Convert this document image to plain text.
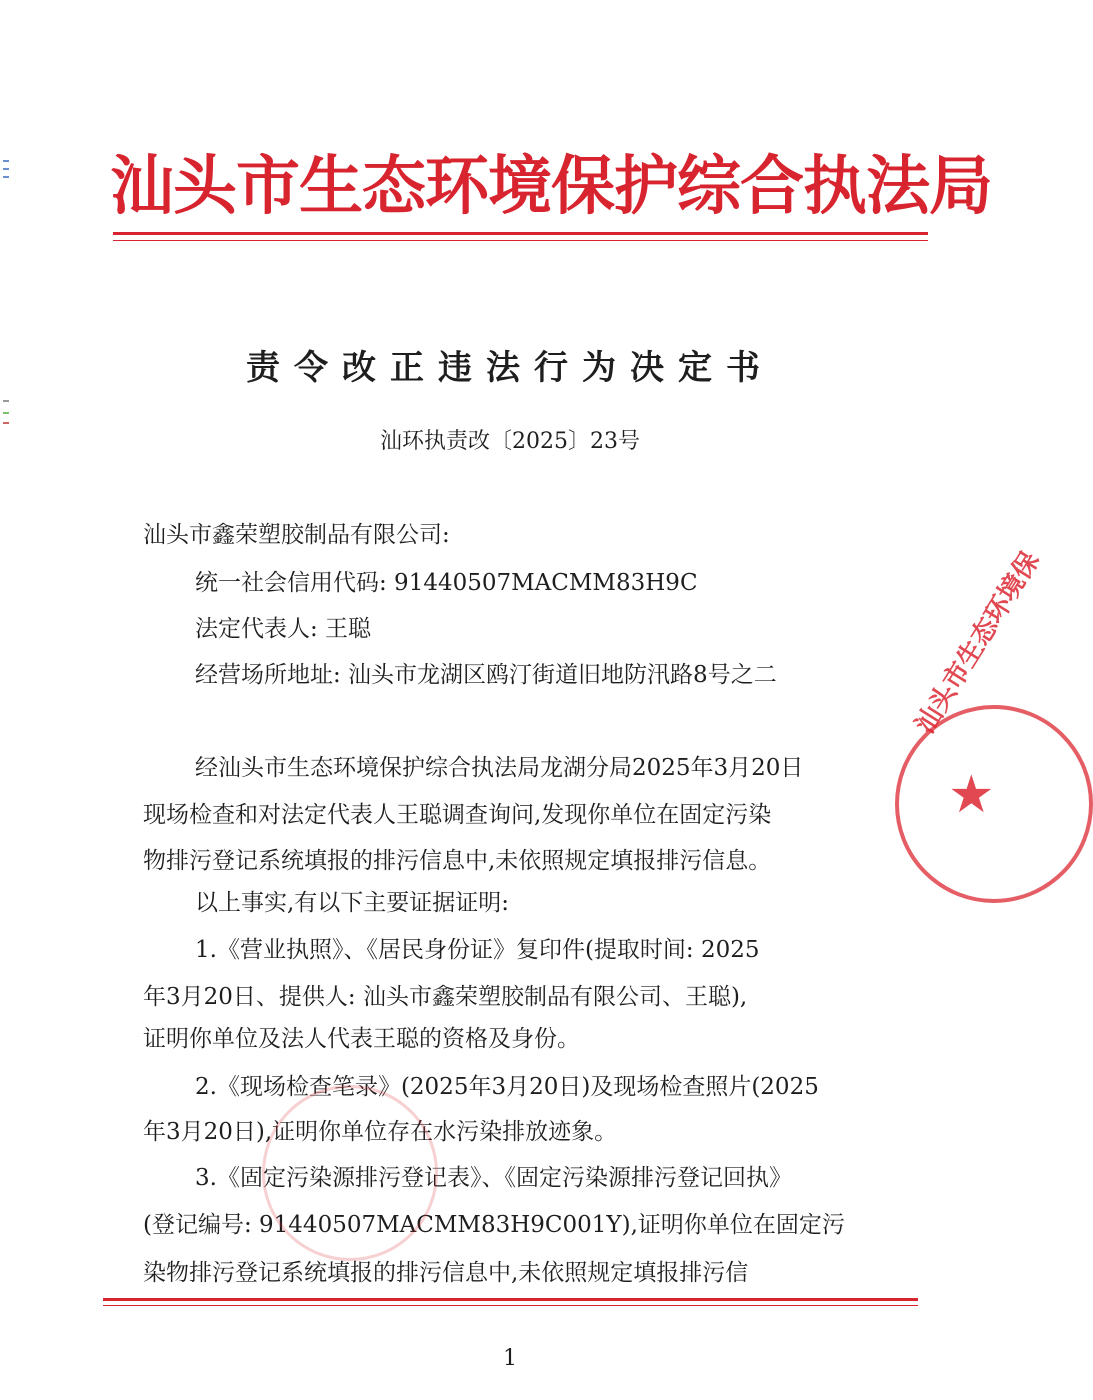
汕头市生态环境保护综合执法局
责令改正违法行为决定书
汕环执责改〔2025〕23号
汕头市鑫荣塑胶制品有限公司:
统一社会信用代码: 91440507MACMM83H9C
法定代表人: 王聪
经营场所地址: 汕头市龙湖区鸥汀街道旧地防汛路8号之二
经汕头市生态环境保护综合执法局龙湖分局2025年3月20日
现场检查和对法定代表人王聪调查询问,发现你单位在固定污染
物排污登记系统填报的排污信息中,未依照规定填报排污信息。
以上事实,有以下主要证据证明:
1.《营业执照》、《居民身份证》复印件(提取时间: 2025
年3月20日、提供人: 汕头市鑫荣塑胶制品有限公司、王聪),
证明你单位及法人代表王聪的资格及身份。
2.《现场检查笔录》(2025年3月20日)及现场检查照片(2025
年3月20日),证明你单位存在水污染排放迹象。
3.《固定污染源排污登记表》、《固定污染源排污登记回执》
(登记编号: 91440507MACMM83H9C001Y),证明你单位在固定污
染物排污登记系统填报的排污信息中,未依照规定填报排污信
汕头市生态环境保
★
1
